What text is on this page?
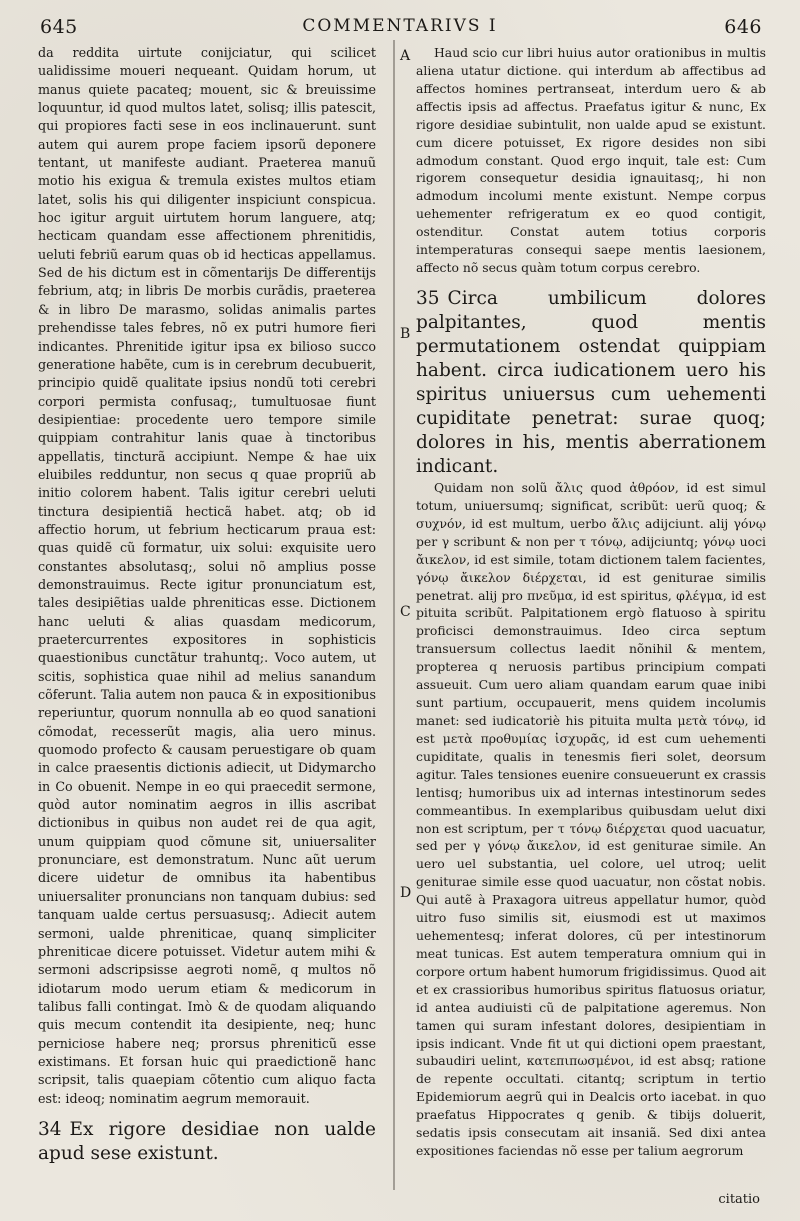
645	COMMENTARIVS I	646
A
B
C
D

da reddita uirtute conijciatur, qui scilicet ualidissime moueri nequeant. Quidam horum, ut manus quiete pacateq; mouent, sic & breuissime loquuntur, id quod multos latet, solisq; illis patescit, qui propiores facti sese in eos inclinauerunt. sunt autem qui aurem prope faciem ipsorũ deponere tentant, ut manifeste audiant. Praeterea manuũ motio his exigua & tremula existes multos etiam latet, solis his qui diligenter inspiciunt conspicua. hoc igitur arguit uirtutem horum languere, atq; hecticam quandam esse affectionem phrenitidis, ueluti febriũ earum quas ob id hecticas appellamus. Sed de his dictum est in cõmentarijs De differentijs febrium, atq; in libris De morbis curãdis, praeterea & in libro De marasmo, solidas animalis partes prehendisse tales febres, nõ ex putri humore fieri indicantes. Phrenitide igitur ipsa ex bilioso succo generatione habẽte, cum is in cerebrum decubuerit, principio quidẽ qualitate ipsius nondũ toti cerebri corpori permista confusaq;, tumultuosae fiunt desipientiae: procedente uero tempore simile quippiam contrahitur lanis quae à tinctoribus appellatis, tincturã accipiunt. Nempe & hae uix eluibiles redduntur, non secus q quae propriũ ab initio colorem habent. Talis igitur cerebri ueluti tinctura desipientiã hecticã habet. atq; ob id affectio horum, ut febrium hecticarum praua est: quas quidẽ cũ formatur, uix solui: exquisite uero constantes absolutasq;, solui nõ amplius posse demonstrauimus. Recte igitur pronunciatum est, tales desipiẽtias ualde phreniticas esse. Dictionem hanc ueluti & alias quasdam medicorum, praetercurrentes expositores in sophisticis quaestionibus cunctãtur trahuntq;. Voco autem, ut scitis, sophistica quae nihil ad melius sanandum cõferunt. Talia autem non pauca & in expositionibus reperiuntur, quorum nonnulla ab eo quod sanationi cõmodat, recesserũt magis, alia uero minus. quomodo profecto & causam peruestigare ob quam in calce praesentis dictionis adiecit, ut Didymarcho in Co obuenit. Nempe in eo qui praecedit sermone, quòd autor nominatim aegros in illis ascribat dictionibus in quibus non audet rei de qua agit, unum quippiam quod cõmune sit, uniuersaliter pronunciare, est demonstratum. Nunc aũt uerum dicere uidetur de omnibus ita habentibus uniuersaliter pronuncians non tanquam dubius: sed tanquam ualde certus persuasusq;. Adiecit autem sermoni, ualde phreniticae, quanq simpliciter phreniticae dicere potuisset. Videtur autem mihi & sermoni adscripsisse aegroti nomẽ, q multos nõ idiotarum modo uerum etiam & medicorum in talibus falli contingat. Imò & de quodam aliquando quis mecum contendit ita desipiente, neq; hunc perniciose habere neq; prorsus phreniticũ esse existimans. Et forsan huic qui praedictionẽ hanc scripsit, talis quaepiam cõtentio cum aliquo facta est: ideoq; nominatim aegrum memorauit.

34 Ex rigore desidiae non ualde apud sese existunt.

Haud scio cur libri huius autor orationibus in multis aliena utatur dictione. qui interdum ab affectibus ad affectos homines pertranseat, interdum uero & ab affectis ipsis ad affectus. Praefatus igitur & nunc, Ex rigore desidiae subintulit, non ualde apud se existunt. cum dicere potuisset, Ex rigore desides non sibi admodum constant. Quod ergo inquit, tale est: Cum rigorem consequetur desidia ignauitasq;, hi non admodum incolumi mente existunt. Nempe corpus uehementer refrigeratum ex eo quod contigit, ostenditur. Constat autem totius corporis intemperaturas consequi saepe mentis laesionem, affecto nõ secus quàm totum corpus cerebro.

35 Circa umbilicum dolores palpitantes, quod mentis permutationem ostendat quippiam habent. circa iudicationem uero his spiritus uniuersus cum uehementi cupiditate penetrat: surae quoq; dolores in his, mentis aberrationem indicant.

Quidam non solũ ἄλις quod ἀθρόον, id est simul totum, uniuersumq; significat, scribũt: uerũ quoq; & συχνόν, id est multum, uerbo ἄλις adijciunt. alij γόνῳ per γ scribunt & non per τ τόνῳ, adijciuntq; γόνῳ uoci ἄικελον, id est simile, totam dictionem talem facientes, γόνῳ ἄικελον διέρχεται, id est geniturae similis penetrat. alij pro πνεῦμα, id est spiritus, φλέγμα, id est pituita scribũt. Palpitationem ergò flatuoso à spiritu proficisci demonstrauimus. Ideo circa septum transuersum collectus laedit nõnihil & mentem, propterea q neruosis partibus principium compati assueuit. Cum uero aliam quandam earum quae inibi sunt partium, occupauerit, mens quidem incolumis manet: sed iudicatoriè his pituita multa μετὰ τόνῳ, id est μετὰ προθυμίας ἰσχυρᾶς, id est cum uehementi cupiditate, qualis in tenesmis fieri solet, deorsum agitur. Tales tensiones euenire consueuerunt ex crassis lentisq; humoribus uix ad internas intestinorum sedes commeantibus. In exemplaribus quibusdam uelut dixi non est scriptum, per τ τόνῳ διέρχεται quod uacuatur, sed per γ γόνῳ ἄικελον, id est geniturae simile. An uero uel substantia, uel colore, uel utroq; uelit geniturae simile esse quod uacuatur, non cõstat nobis. Qui autẽ à Praxagora uitreus appellatur humor, quòd uitro fuso similis sit, eiusmodi est ut maximos uehementesq; inferat dolores, cũ per intestinorum meat tunicas. Est autem temperatura omnium qui in corpore ortum habent humorum frigidissimus. Quod ait et ex crassioribus humoribus spiritus flatuosus oriatur, id antea audiuisti cũ de palpitatione ageremus. Non tamen qui suram infestant dolores, desipientiam in ipsis indicant. Vnde fit ut qui dictioni opem praestant, subaudiri uelint, κατεπιπωσμένοι, id est absq; ratione de repente occultati. citantq; scriptum in tertio Epidemiorum aegrũ qui in Dealcis orto iacebat. in quo praefatus Hippocrates q genib. & tibijs doluerit, sedatis ipsis consecutam ait insaniã. Sed dixi antea expositiones faciendas nõ esse per talium aegrorum

citatio
